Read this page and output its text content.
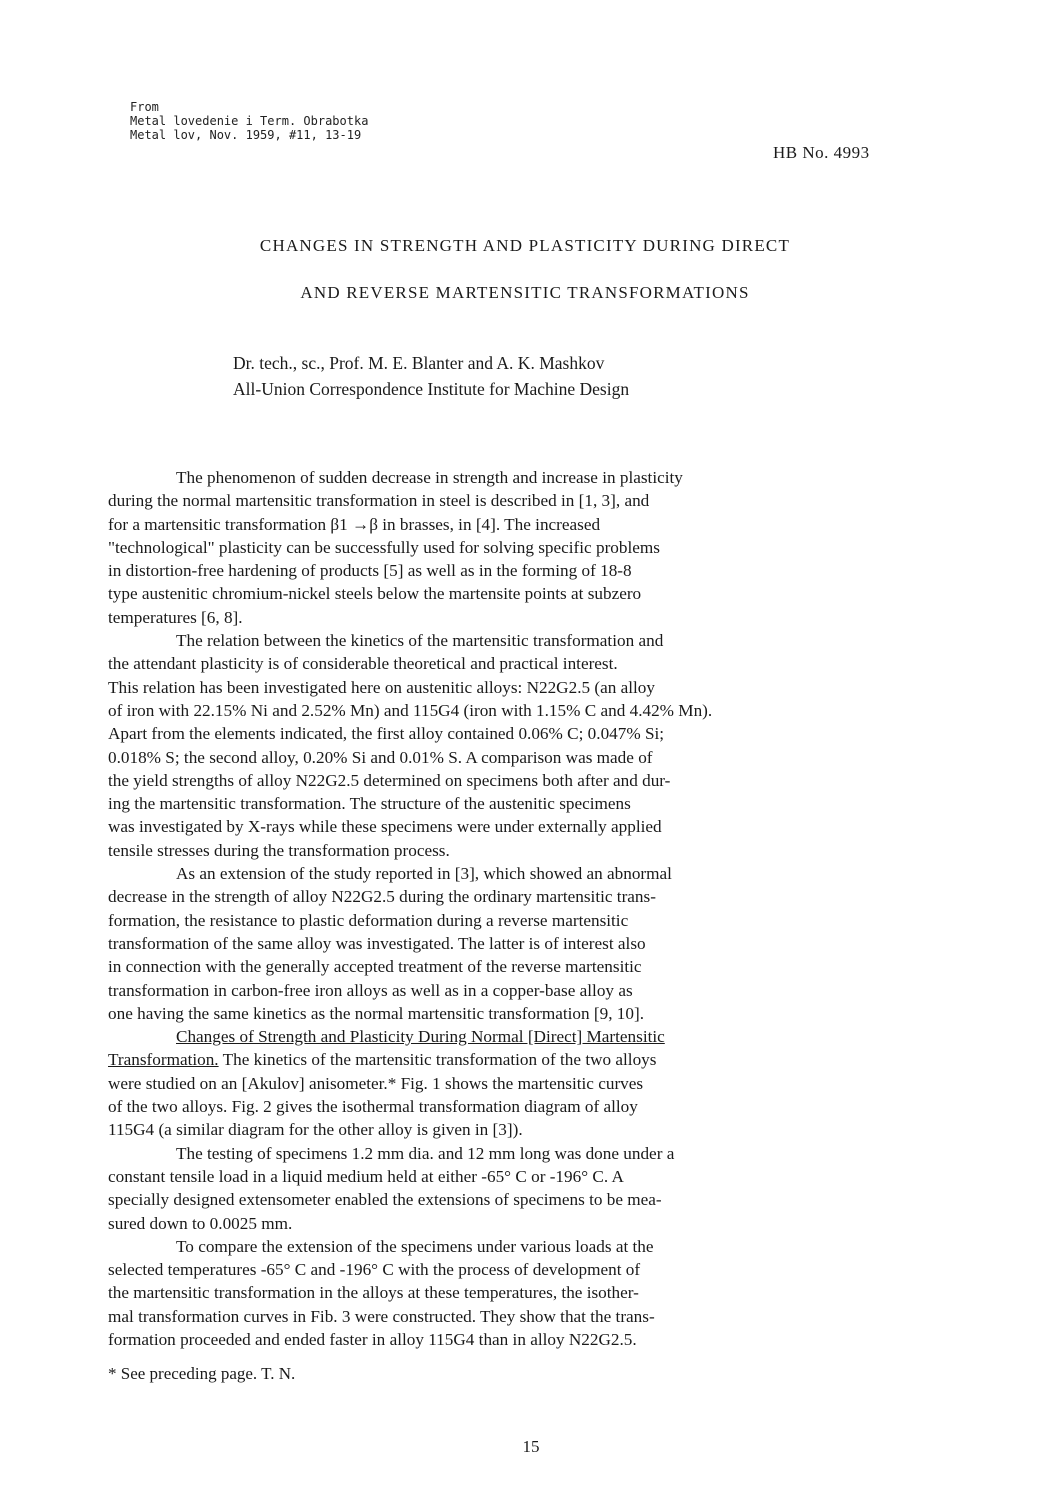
From
Metal lovedenie i Term. Obrabotka
Metal lov, Nov. 1959, #11, 13-19
HB No. 4993
CHANGES IN STRENGTH AND PLASTICITY DURING DIRECT
AND REVERSE MARTENSITIC TRANSFORMATIONS
Dr. tech., sc., Prof. M. E. Blanter and A. K. Mashkov
All-Union Correspondence Institute for Machine Design
The phenomenon of sudden decrease in strength and increase in plasticity
during the normal martensitic transformation in steel is described in [1, 3], and
for a martensitic transformation β1 →β in brasses, in [4]. The increased
"technological" plasticity can be successfully used for solving specific problems
in distortion-free hardening of products [5] as well as in the forming of 18-8
type austenitic chromium-nickel steels below the martensite points at subzero
temperatures [6, 8].
The relation between the kinetics of the martensitic transformation and
the attendant plasticity is of considerable theoretical and practical interest.
This relation has been investigated here on austenitic alloys: N22G2.5 (an alloy
of iron with 22.15% Ni and 2.52% Mn) and 115G4 (iron with 1.15% C and 4.42% Mn).
Apart from the elements indicated, the first alloy contained 0.06% C; 0.047% Si;
0.018% S; the second alloy, 0.20% Si and 0.01% S. A comparison was made of
the yield strengths of alloy N22G2.5 determined on specimens both after and dur-
ing the martensitic transformation. The structure of the austenitic specimens
was investigated by X-rays while these specimens were under externally applied
tensile stresses during the transformation process.
As an extension of the study reported in [3], which showed an abnormal
decrease in the strength of alloy N22G2.5 during the ordinary martensitic trans-
formation, the resistance to plastic deformation during a reverse martensitic
transformation of the same alloy was investigated. The latter is of interest also
in connection with the generally accepted treatment of the reverse martensitic
transformation in carbon-free iron alloys as well as in a copper-base alloy as
one having the same kinetics as the normal martensitic transformation [9, 10].
Changes of Strength and Plasticity During Normal [Direct] Martensitic
Transformation. The kinetics of the martensitic transformation of the two alloys
were studied on an [Akulov] anisometer.* Fig. 1 shows the martensitic curves
of the two alloys. Fig. 2 gives the isothermal transformation diagram of alloy
115G4 (a similar diagram for the other alloy is given in [3]).
The testing of specimens 1.2 mm dia. and 12 mm long was done under a
constant tensile load in a liquid medium held at either -65° C or -196° C. A
specially designed extensometer enabled the extensions of specimens to be mea-
sured down to 0.0025 mm.
To compare the extension of the specimens under various loads at the
selected temperatures -65° C and -196° C with the process of development of
the martensitic transformation in the alloys at these temperatures, the isother-
mal transformation curves in Fib. 3 were constructed. They show that the trans-
formation proceeded and ended faster in alloy 115G4 than in alloy N22G2.5.
* See preceding page. T. N.
15
